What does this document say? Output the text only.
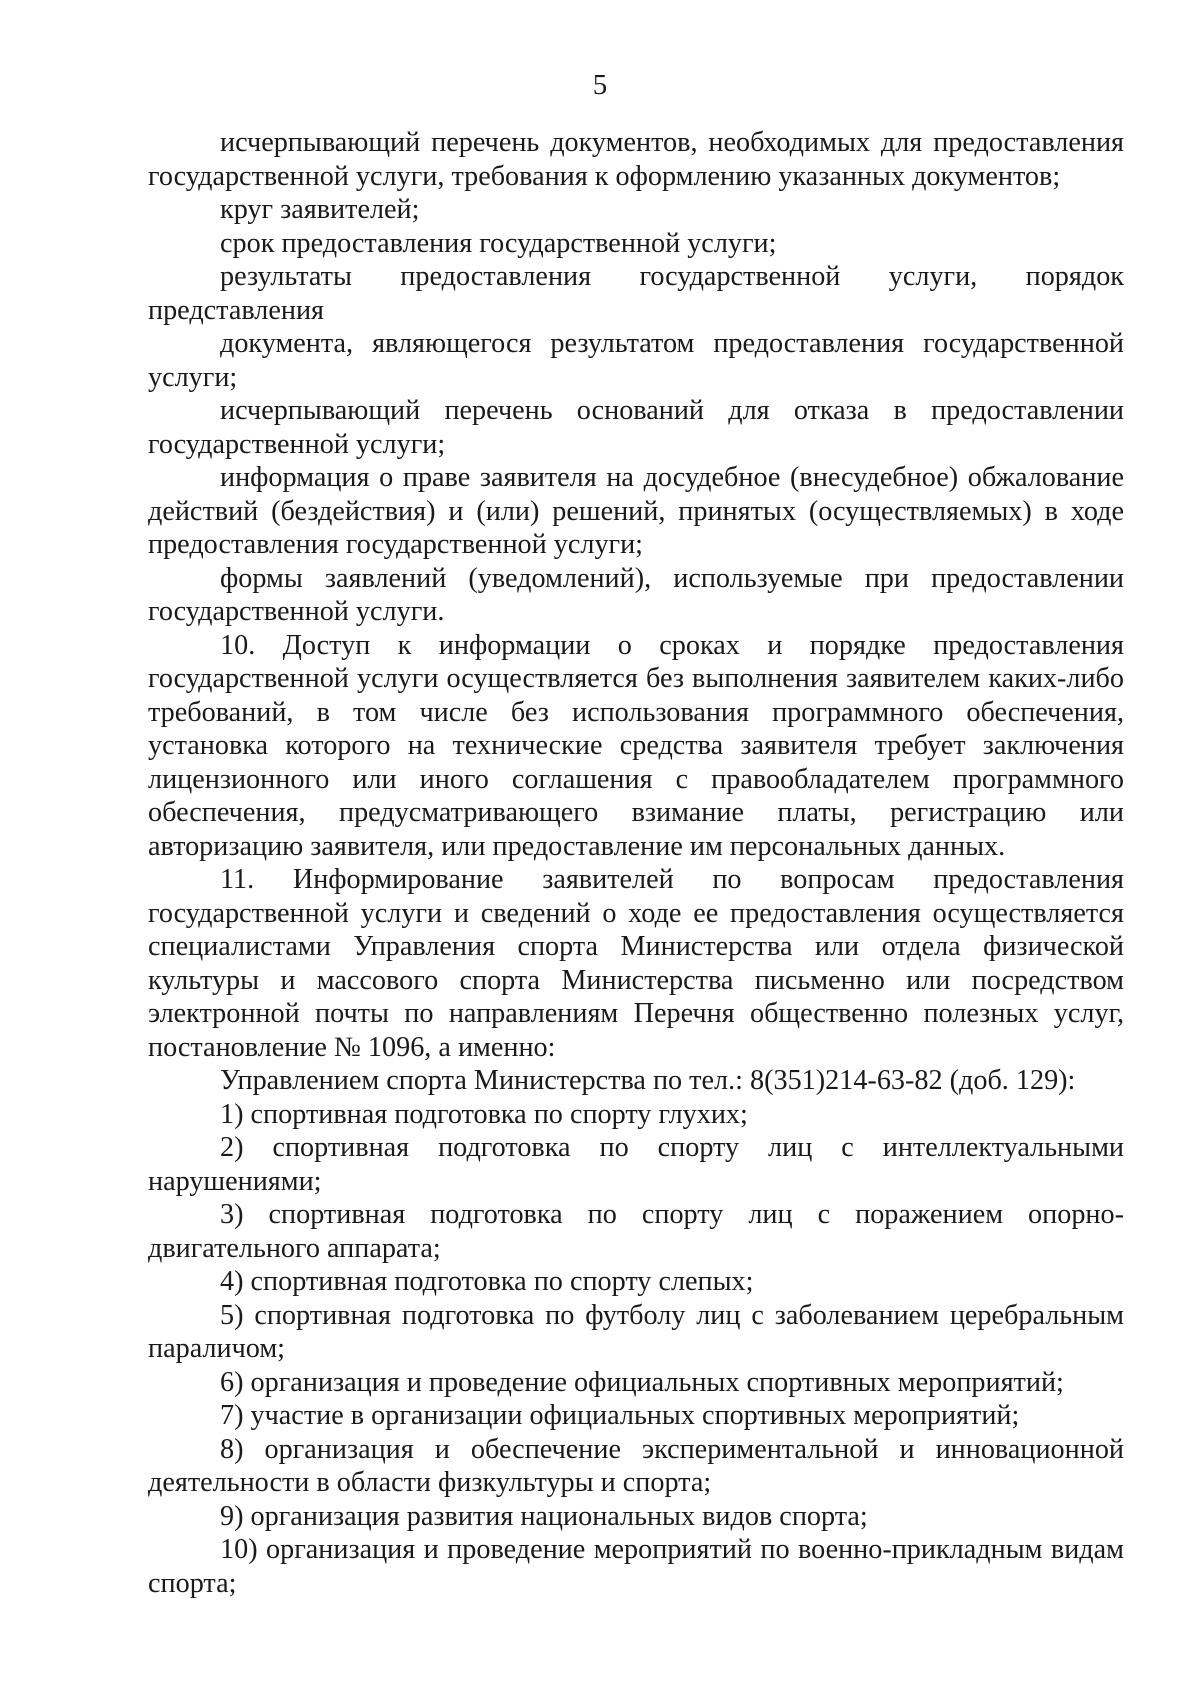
5

исчерпывающий перечень документов, необходимых для предоставления государственной услуги, требования к оформлению указанных документов;

круг заявителей;

срок предоставления государственной услуги;

результаты предоставления государственной услуги, порядок представления

документа, являющегося результатом предоставления государственной услуги;

исчерпывающий перечень оснований для отказа в предоставлении государственной услуги;

информация о праве заявителя на досудебное (внесудебное) обжалование действий (бездействия) и (или) решений, принятых (осуществляемых) в ходе предоставления государственной услуги;

формы заявлений (уведомлений), используемые при предоставлении государственной услуги.

10. Доступ к информации о сроках и порядке предоставления государственной услуги осуществляется без выполнения заявителем каких-либо требований, в том числе без использования программного обеспечения, установка которого на технические средства заявителя требует заключения лицензионного или иного соглашения с правообладателем программного обеспечения, предусматривающего взимание платы, регистрацию или авторизацию заявителя, или предоставление им персональных данных.

11. Информирование заявителей по вопросам предоставления государственной услуги и сведений о ходе ее предоставления осуществляется специалистами Управления спорта Министерства или отдела физической культуры и массового спорта Министерства письменно или посредством электронной почты по направлениям Перечня общественно полезных услуг, постановление № 1096, а именно:

Управлением спорта Министерства по тел.: 8(351)214-63-82 (доб. 129):

1) спортивная подготовка по спорту глухих;

2) спортивная подготовка по спорту лиц с интеллектуальными нарушениями;

3) спортивная подготовка по спорту лиц с поражением опорно-двигательного аппарата;

4) спортивная подготовка по спорту слепых;

5) спортивная подготовка по футболу лиц с заболеванием церебральным параличом;

6) организация и проведение официальных спортивных мероприятий;

7) участие в организации официальных спортивных мероприятий;

8) организация и обеспечение экспериментальной и инновационной деятельности в области физкультуры и спорта;

9) организация развития национальных видов спорта;

10) организация и проведение мероприятий по военно-прикладным видам спорта;
